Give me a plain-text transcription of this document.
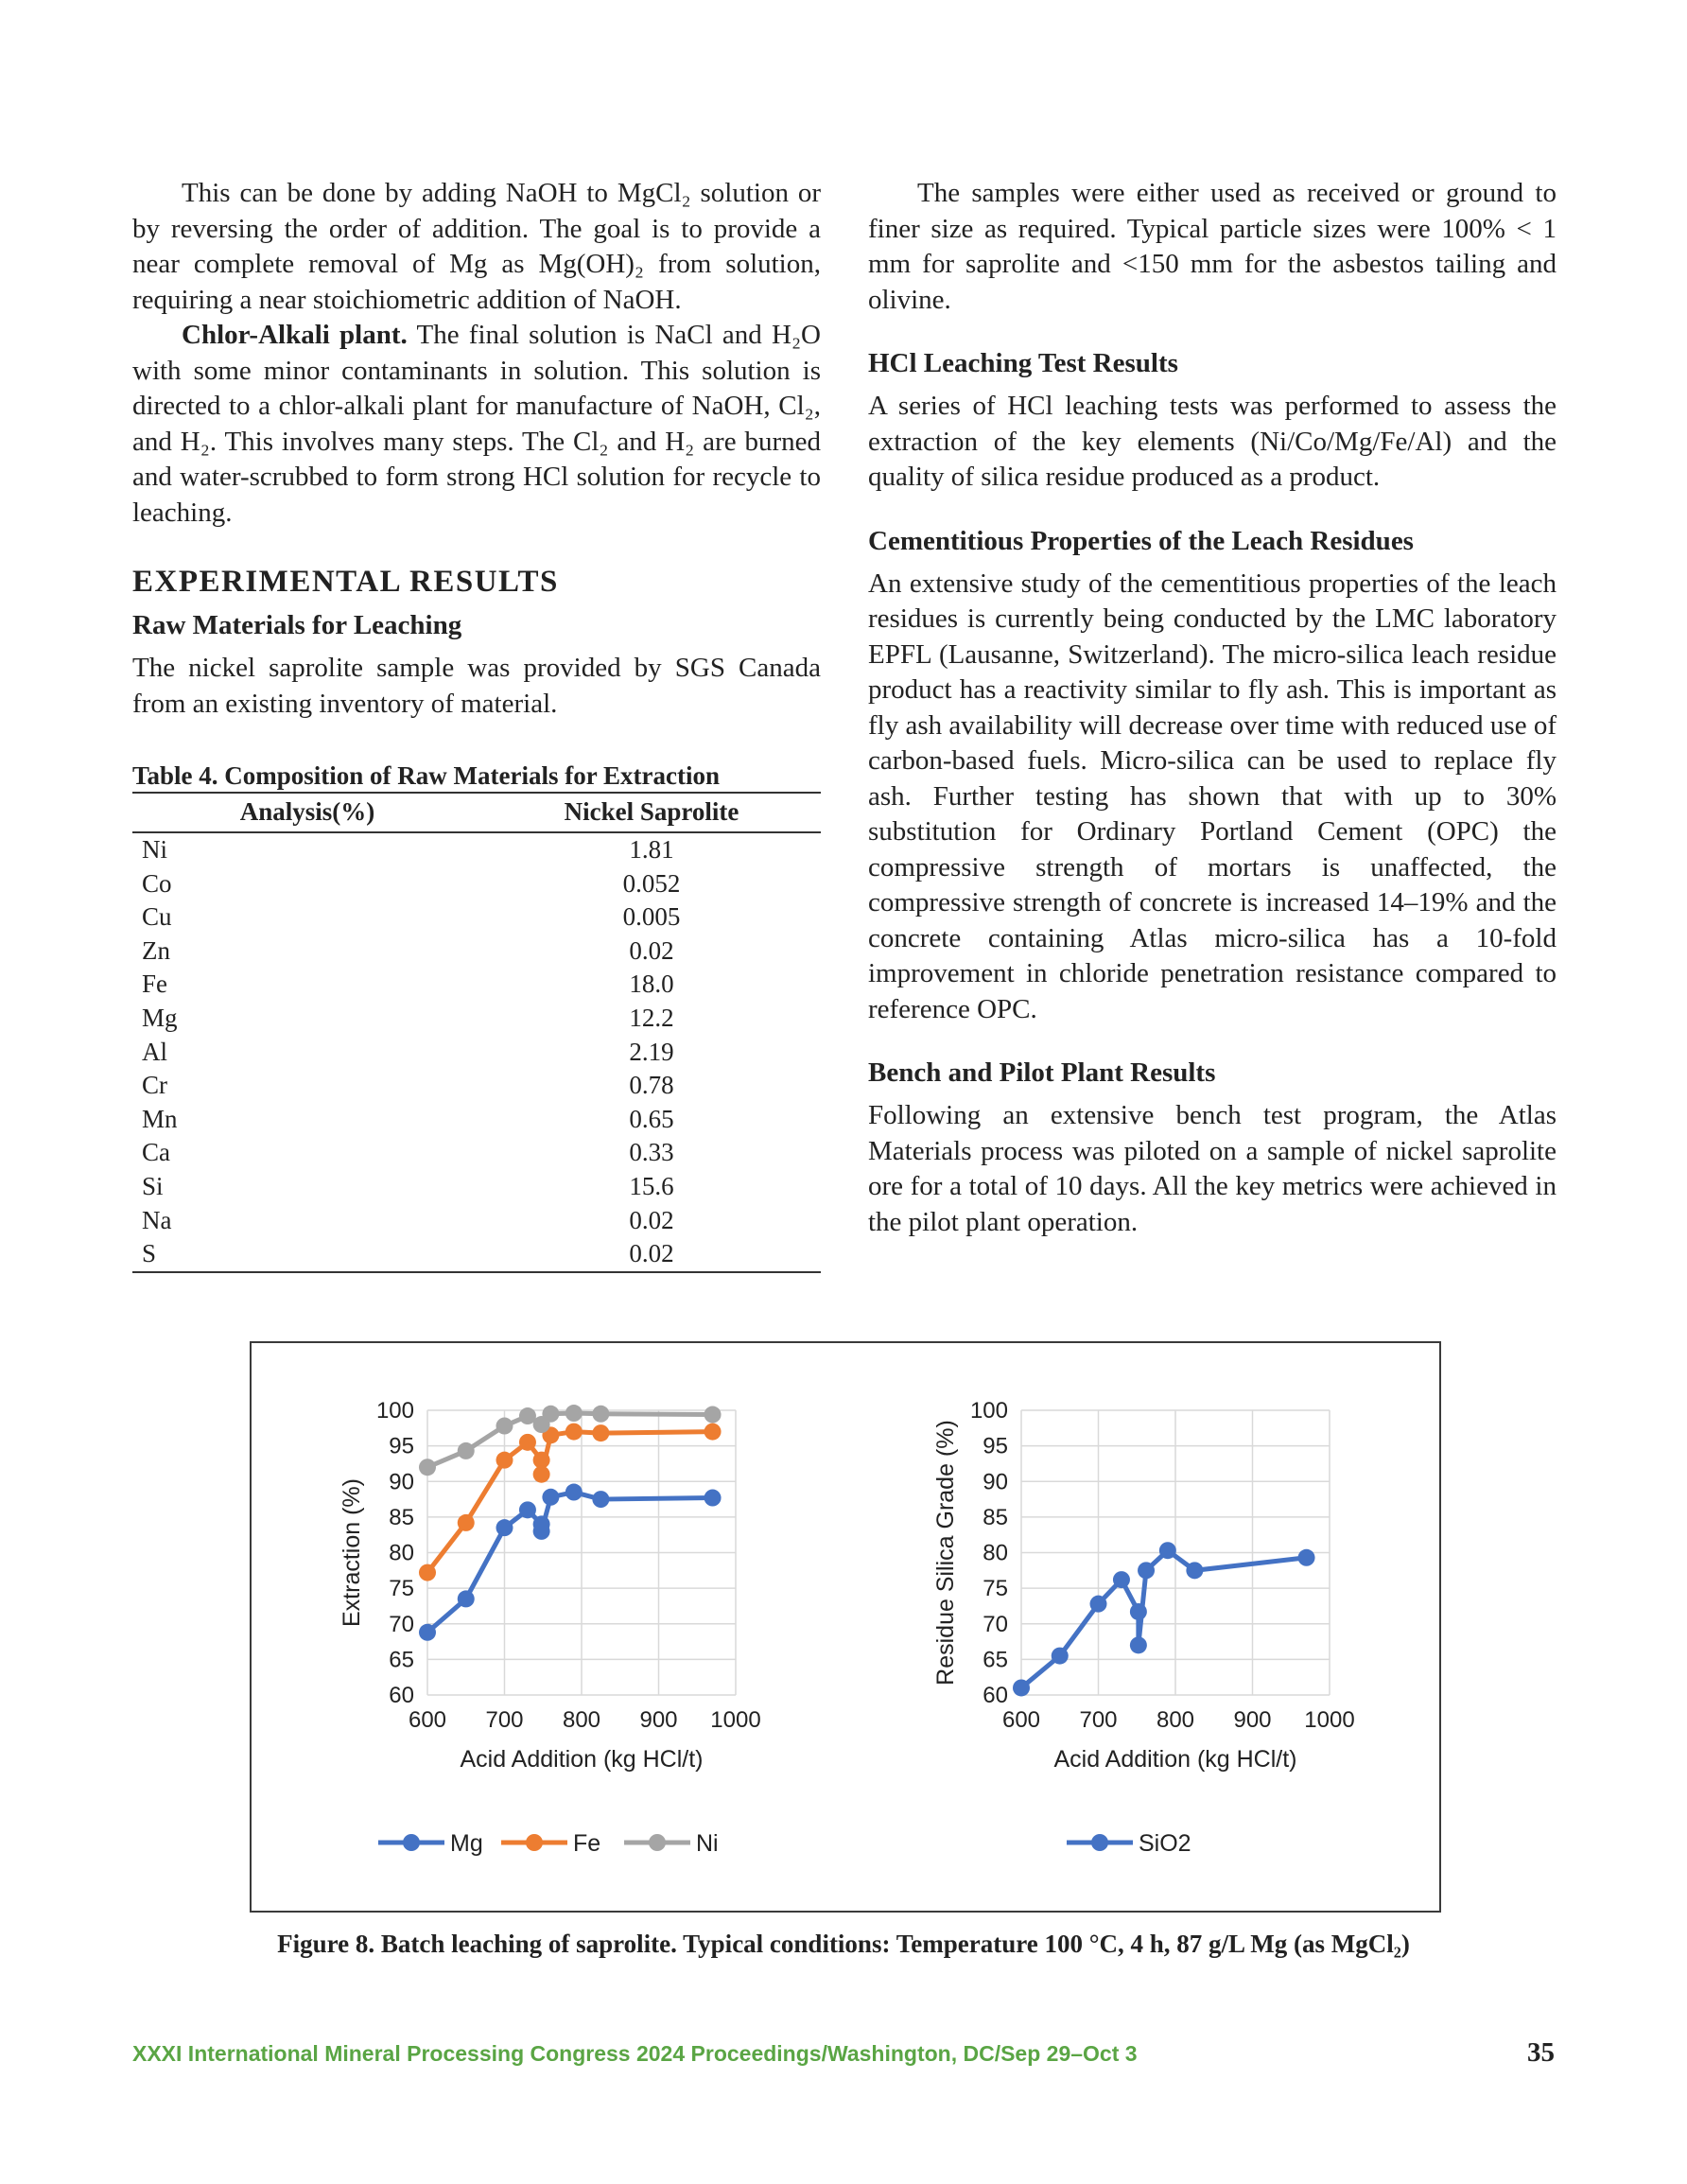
This can be done by adding NaOH to MgCl₂ solution or by reversing the order of addition. The goal is to provide a near complete removal of Mg as Mg(OH)₂ from solution, requiring a near stoichiometric addition of NaOH.

Chlor-Alkali plant. The final solution is NaCl and H₂O with some minor contaminants in solution. This solution is directed to a chlor-alkali plant for manufacture of NaOH, Cl₂, and H₂. This involves many steps. The Cl₂ and H₂ are burned and water-scrubbed to form strong HCl solution for recycle to leaching.

EXPERIMENTAL RESULTS
Raw Materials for Leaching

The nickel saprolite sample was provided by SGS Canada from an existing inventory of material.

Table 4. Composition of Raw Materials for Extraction
Analysis(%)	Nickel Saprolite
Ni	1.81
Co	0.052
Cu	0.005
Zn	0.02
Fe	18.0
Mg	12.2
Al	2.19
Cr	0.78
Mn	0.65
Ca	0.33
Si	15.6
Na	0.02
S	0.02

The samples were either used as received or ground to finer size as required. Typical particle sizes were 100% < 1 mm for saprolite and <150 mm for the asbestos tailing and olivine.

HCl Leaching Test Results

A series of HCl leaching tests was performed to assess the extraction of the key elements (Ni/Co/Mg/Fe/Al) and the quality of silica residue produced as a product.

Cementitious Properties of the Leach Residues

An extensive study of the cementitious properties of the leach residues is currently being conducted by the LMC laboratory EPFL (Lausanne, Switzerland). The micro-silica leach residue product has a reactivity similar to fly ash. This is important as fly ash availability will decrease over time with reduced use of carbon-based fuels. Micro-silica can be used to replace fly ash. Further testing has shown that with up to 30% substitution for Ordinary Portland Cement (OPC) the compressive strength of mortars is unaffected, the compressive strength of concrete is increased 14–19% and the concrete containing Atlas micro-silica has a 10-fold improvement in chloride penetration resistance compared to reference OPC.

Bench and Pilot Plant Results

Following an extensive bench test program, the Atlas Materials process was piloted on a sample of nickel saprolite ore for a total of 10 days. All the key metrics were achieved in the pilot plant operation.

600 700 800 900 1000
60
65
70
75
80
85
90
95
100
Acid Addition (kg HCl/t)
Extraction (%)
Mg	Fe	Ni
600 700 800 900 1000
60
65
70
75
80
85
90
95
100
Acid Addition (kg HCl/t)
Residue Silica Grade (%)
SiO2
Figure 8. Batch leaching of saprolite. Typical conditions: Temperature 100 °C, 4 h, 87 g/L Mg (as MgCl₂)
XXXI International Mineral Processing Congress 2024 Proceedings/Washington, DC/Sep 29–Oct 3	35
